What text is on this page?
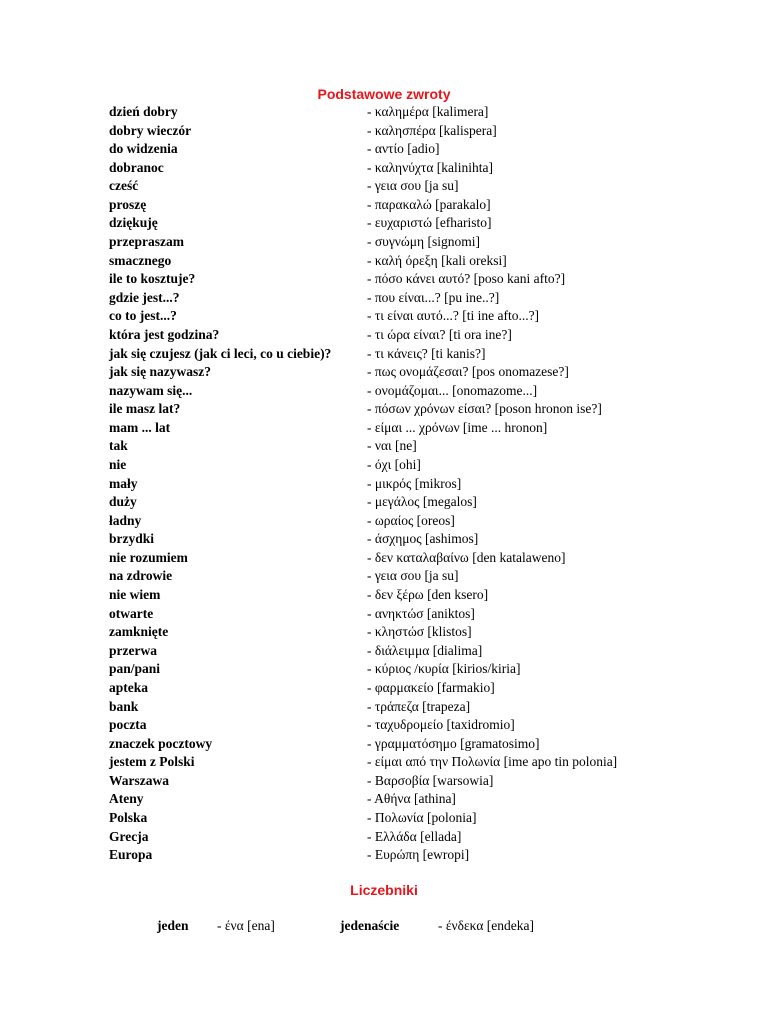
Podstawowe zwroty
dzień dobry	- καλημέρα [kalimera]
dobry wieczór	- καλησπέρα [kalispera]
do widzenia	- αντίο [adio]
dobranoc	- καληνύχτα [kalinihta]
cześć	- γεια σου [ja su]
proszę	- παρακαλώ [parakalo]
dziękuję	- ευχαριστώ [efharisto]
przepraszam	- συγνώμη [signomi]
smacznego	- καλή όρεξη [kali oreksi]
ile to kosztuje?	- πόσο κάνει αυτό? [poso kani afto?]
gdzie jest...?	- που είναι...? [pu ine..?]
co to jest...?	- τι είναι αυτό...? [ti ine afto...?]
która jest godzina?	- τι ώρα είναι? [ti ora ine?]
jak się czujesz (jak ci leci, co u ciebie)?	- τι κάνεις? [ti kanis?]
jak się nazywasz?	- πως ονομάζεσαι? [pos onomazese?]
nazywam się...	- ονομάζομαι... [onomazome...]
ile masz lat?	- πόσων χρόνων είσαι? [poson hronon ise?]
mam ... lat	- είμαι ... χρόνων [ime ... hronon]
tak	- ναι [ne]
nie	- όχι [ohi]
mały	- μικρός [mikros]
duży	- μεγάλος [megalos]
ładny	- ωραίος [oreos]
brzydki	- άσχημος [ashimos]
nie rozumiem	- δεν καταλαβαίνω [den katalaweno]
na zdrowie	- γεια σου [ja su]
nie wiem	- δεν ξέρω [den ksero]
otwarte	- ανηκτώσ [aniktos]
zamknięte	- κληστώσ [klistos]
przerwa	- διάλειμμα [dialima]
pan/pani	- κύριος /κυρία [kirios/kiria]
apteka	- φαρμακείο [farmakio]
bank	- τράπεζα [trapeza]
poczta	- ταχυδρομείο [taxidromio]
znaczek pocztowy	- γραμματόσημο [gramatosimo]
jestem z Polski	- είμαι από την Πολωνία [ime apo tin polonia]
Warszawa	- Βαρσοβία [warsowia]
Ateny	- Αθήνα [athina]
Polska	- Πολωνία [polonia]
Grecja	- Ελλάδα [ellada]
Europa	- Ευρώπη [ewropi]
Liczebniki
jeden - ένα [ena]	jedenaście	- ένδεκα [endeka]
